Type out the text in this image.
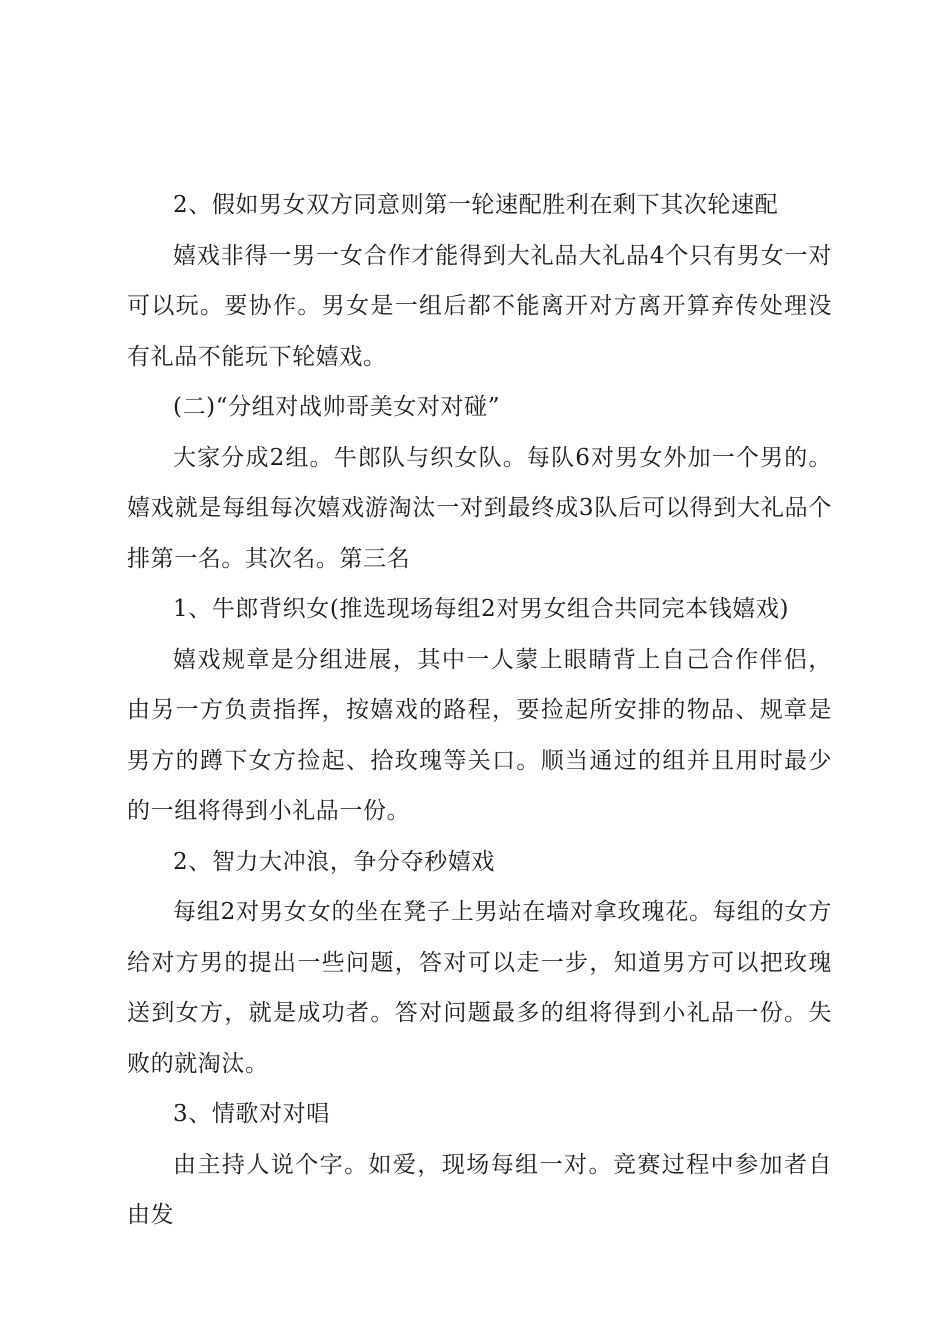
2、假如男女双方同意则第一轮速配胜利在剩下其次轮速配

嬉戏非得一男一女合作才能得到大礼品大礼品4个只有男女一对可以玩。要协作。男女是一组后都不能离开对方离开算弃传处理没有礼品不能玩下轮嬉戏。

(二)“分组对战帅哥美女对对碰”

大家分成2组。牛郎队与织女队。每队6对男女外加一个男的。嬉戏就是每组每次嬉戏游淘汰一对到最终成3队后可以得到大礼品个排第一名。其次名。第三名

1、牛郎背织女(推选现场每组2对男女组合共同完本钱嬉戏)

嬉戏规章是分组进展，其中一人蒙上眼睛背上自己合作伴侣，由另一方负责指挥，按嬉戏的路程，要捡起所安排的物品、规章是男方的蹲下女方捡起、拾玫瑰等关口。顺当通过的组并且用时最少的一组将得到小礼品一份。

2、智力大冲浪，争分夺秒嬉戏

每组2对男女女的坐在凳子上男站在墙对拿玫瑰花。每组的女方给对方男的提出一些问题，答对可以走一步，知道男方可以把玫瑰送到女方，就是成功者。答对问题最多的组将得到小礼品一份。失败的就淘汰。

3、情歌对对唱

由主持人说个字。如爱，现场每组一对。竞赛过程中参加者自由发
